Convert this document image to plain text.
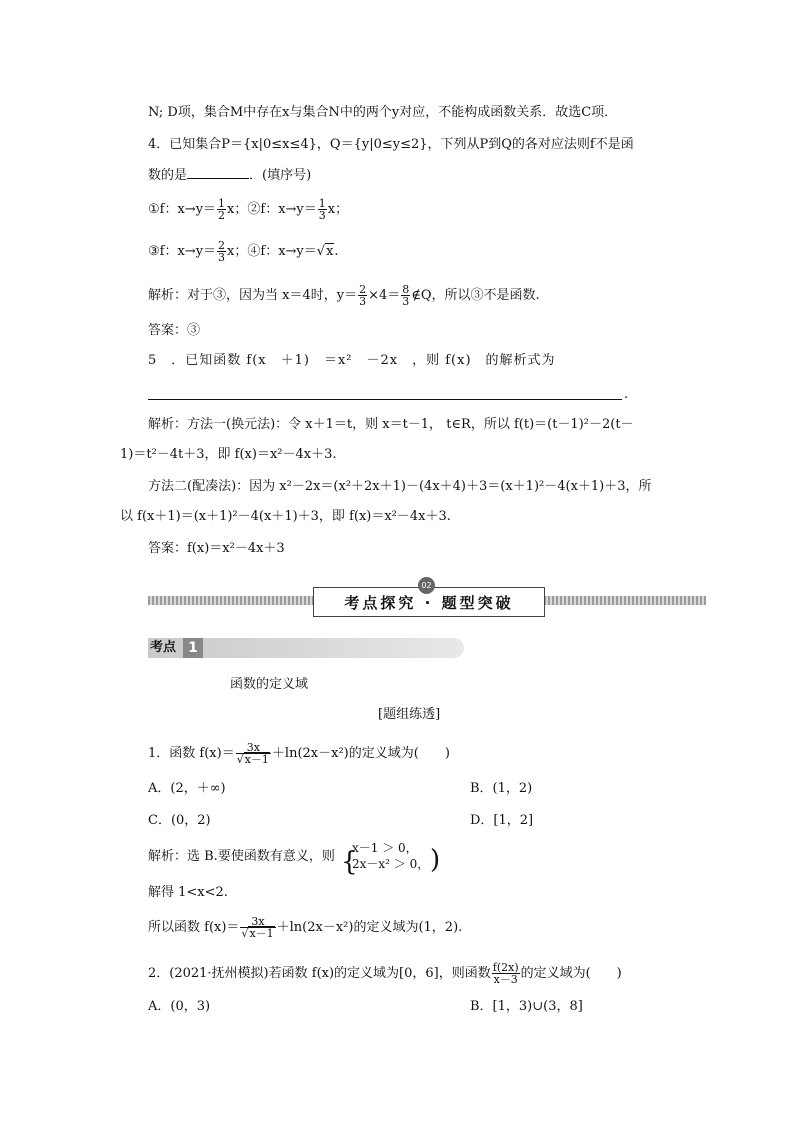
N; D项，集合M中存在x与集合N中的两个y对应，不能构成函数关系．故选C项．
4．已知集合P＝{x|0≤x≤4}，Q＝{y|0≤y≤2}，下列从P到Q的各对应法则f不是函
数的是	．(填序号)
①f：$x\to y= \frac{1}{2}$ x；②f：$x\to y= \frac{1}{3}$ x；
③f：$x\to y= \frac{2}{3}$ x；④f：x→y＝√x.
解析：对于③，因为当 x＝4时，$y= \frac{2}{3} \times 4= \frac{8}{3}$ ∉Q，所以③不是函数.
答案：③
5　．已知函数 f(x　＋1)　＝x²　－2x　，则 f(x)　的解析式为
.
解析：方法一(换元法)：令 x＋1＝t，则 x＝t－1， t∈R，所以 f(t)＝(t－1)²－2(t－
1)＝t²－4t＋3，即 f(x)＝x²－4x＋3.
方法二(配凑法)：因为 x²－2x＝(x²＋2x＋1)－(4x＋4)＋3＝(x＋1)²－4(x＋1)＋3，所
以 f(x＋1)＝(x＋1)²－4(x＋1)＋3，即 f(x)＝x²－4x＋3.
答案：f(x)＝x²－4x＋3
考点探究 · 题型突破
02
考点 1
函数的定义域
[题组练透]
1．函数 $f(x)= \frac{3x}{√x-1} +\ln(2x-x^2)$的定义域为(　　)
A．(2，＋∞)	B．(1，2)
C．(0，2)	D．[1，2]
解析：选 B.要使函数有意义，则 {
x－1 ＞ 0，
2x－x² ＞ 0， )
解得 1<x<2.
所以函数 $f(x)= \frac{3x}{√x-1} +\ln(2x-x^2)$的定义域为(1，2).
2．(2021·抚州模拟)若函数 f(x)的定义域为[0，6]，则函数 $\frac{f(2x)}{x-3}$ 的定义域为(　　)
A．(0，3)	B．[1，3)∪(3，8]
